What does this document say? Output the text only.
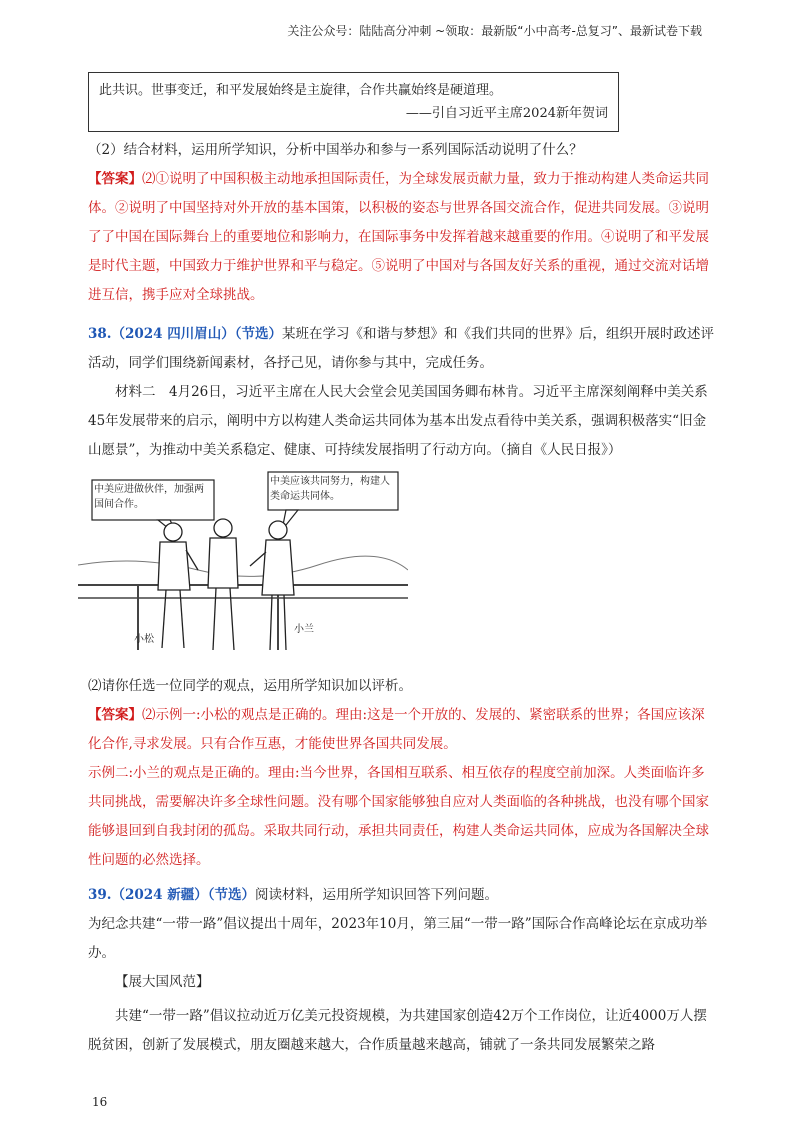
关注公众号：陆陆高分冲刺 ~领取：最新版“小中高考-总复习”、最新试卷下载
此共识。世事变迁，和平发展始终是主旋律，合作共赢始终是硬道理。
——引自习近平主席2024新年贺词
（2）结合材料，运用所学知识，分析中国举办和参与一系列国际活动说明了什么？
【答案】⑵①说明了中国积极主动地承担国际责任，为全球发展贡献力量，致力于推动构建人类命运共同体。②说明了中国坚持对外开放的基本国策，以积极的姿态与世界各国交流合作，促进共同发展。③说明了了中国在国际舞台上的重要地位和影响力，在国际事务中发挥着越来越重要的作用。④说明了和平发展是时代主题，中国致力于维护世界和平与稳定。⑤说明了中国对与各国友好关系的重视，通过交流对话增进互信，携手应对全球挑战。
38.（2024 四川眉山）（节选）某班在学习《和谐与梦想》和《我们共同的世界》后，组织开展时政述评活动，同学们围绕新闻素材，各抒己见，请你参与其中，完成任务。
材料二　4月26日，习近平主席在人民大会堂会见美国国务卿布林肯。习近平主席深刻阐释中美关系45年发展带来的启示，阐明中方以构建人类命运共同体为基本出发点看待中美关系，强调积极落实“旧金山愿景”，为推动中美关系稳定、健康、可持续发展指明了行动方向。（摘自《人民日报》）
中美应进做伙伴，加强两国间合作。
中美应该共同努力，构建人类命运共同体。
小松
小兰
⑵请你任选一位同学的观点，运用所学知识加以评析。
【答案】⑵示例一:小松的观点是正确的。理由:这是一个开放的、发展的、紧密联系的世界；各国应该深化合作,寻求发展。只有合作互惠，才能使世界各国共同发展。
示例二:小兰的观点是正确的。理由:当今世界，各国相互联系、相互依存的程度空前加深。人类面临许多共同挑战，需要解决许多全球性问题。没有哪个国家能够独自应对人类面临的各种挑战，也没有哪个国家能够退回到自我封闭的孤岛。采取共同行动，承担共同责任，构建人类命运共同体，应成为各国解决全球性问题的必然选择。
39.（2024 新疆）（节选）阅读材料，运用所学知识回答下列问题。
为纪念共建“一带一路”倡议提出十周年，2023年10月，第三届“一带一路”国际合作高峰论坛在京成功举办。
【展大国风范】
共建“一带一路”倡议拉动近万亿美元投资规模，为共建国家创造42万个工作岗位，让近4000万人摆脱贫困，创新了发展模式，朋友圈越来越大，合作质量越来越高，铺就了一条共同发展繁荣之路
16
